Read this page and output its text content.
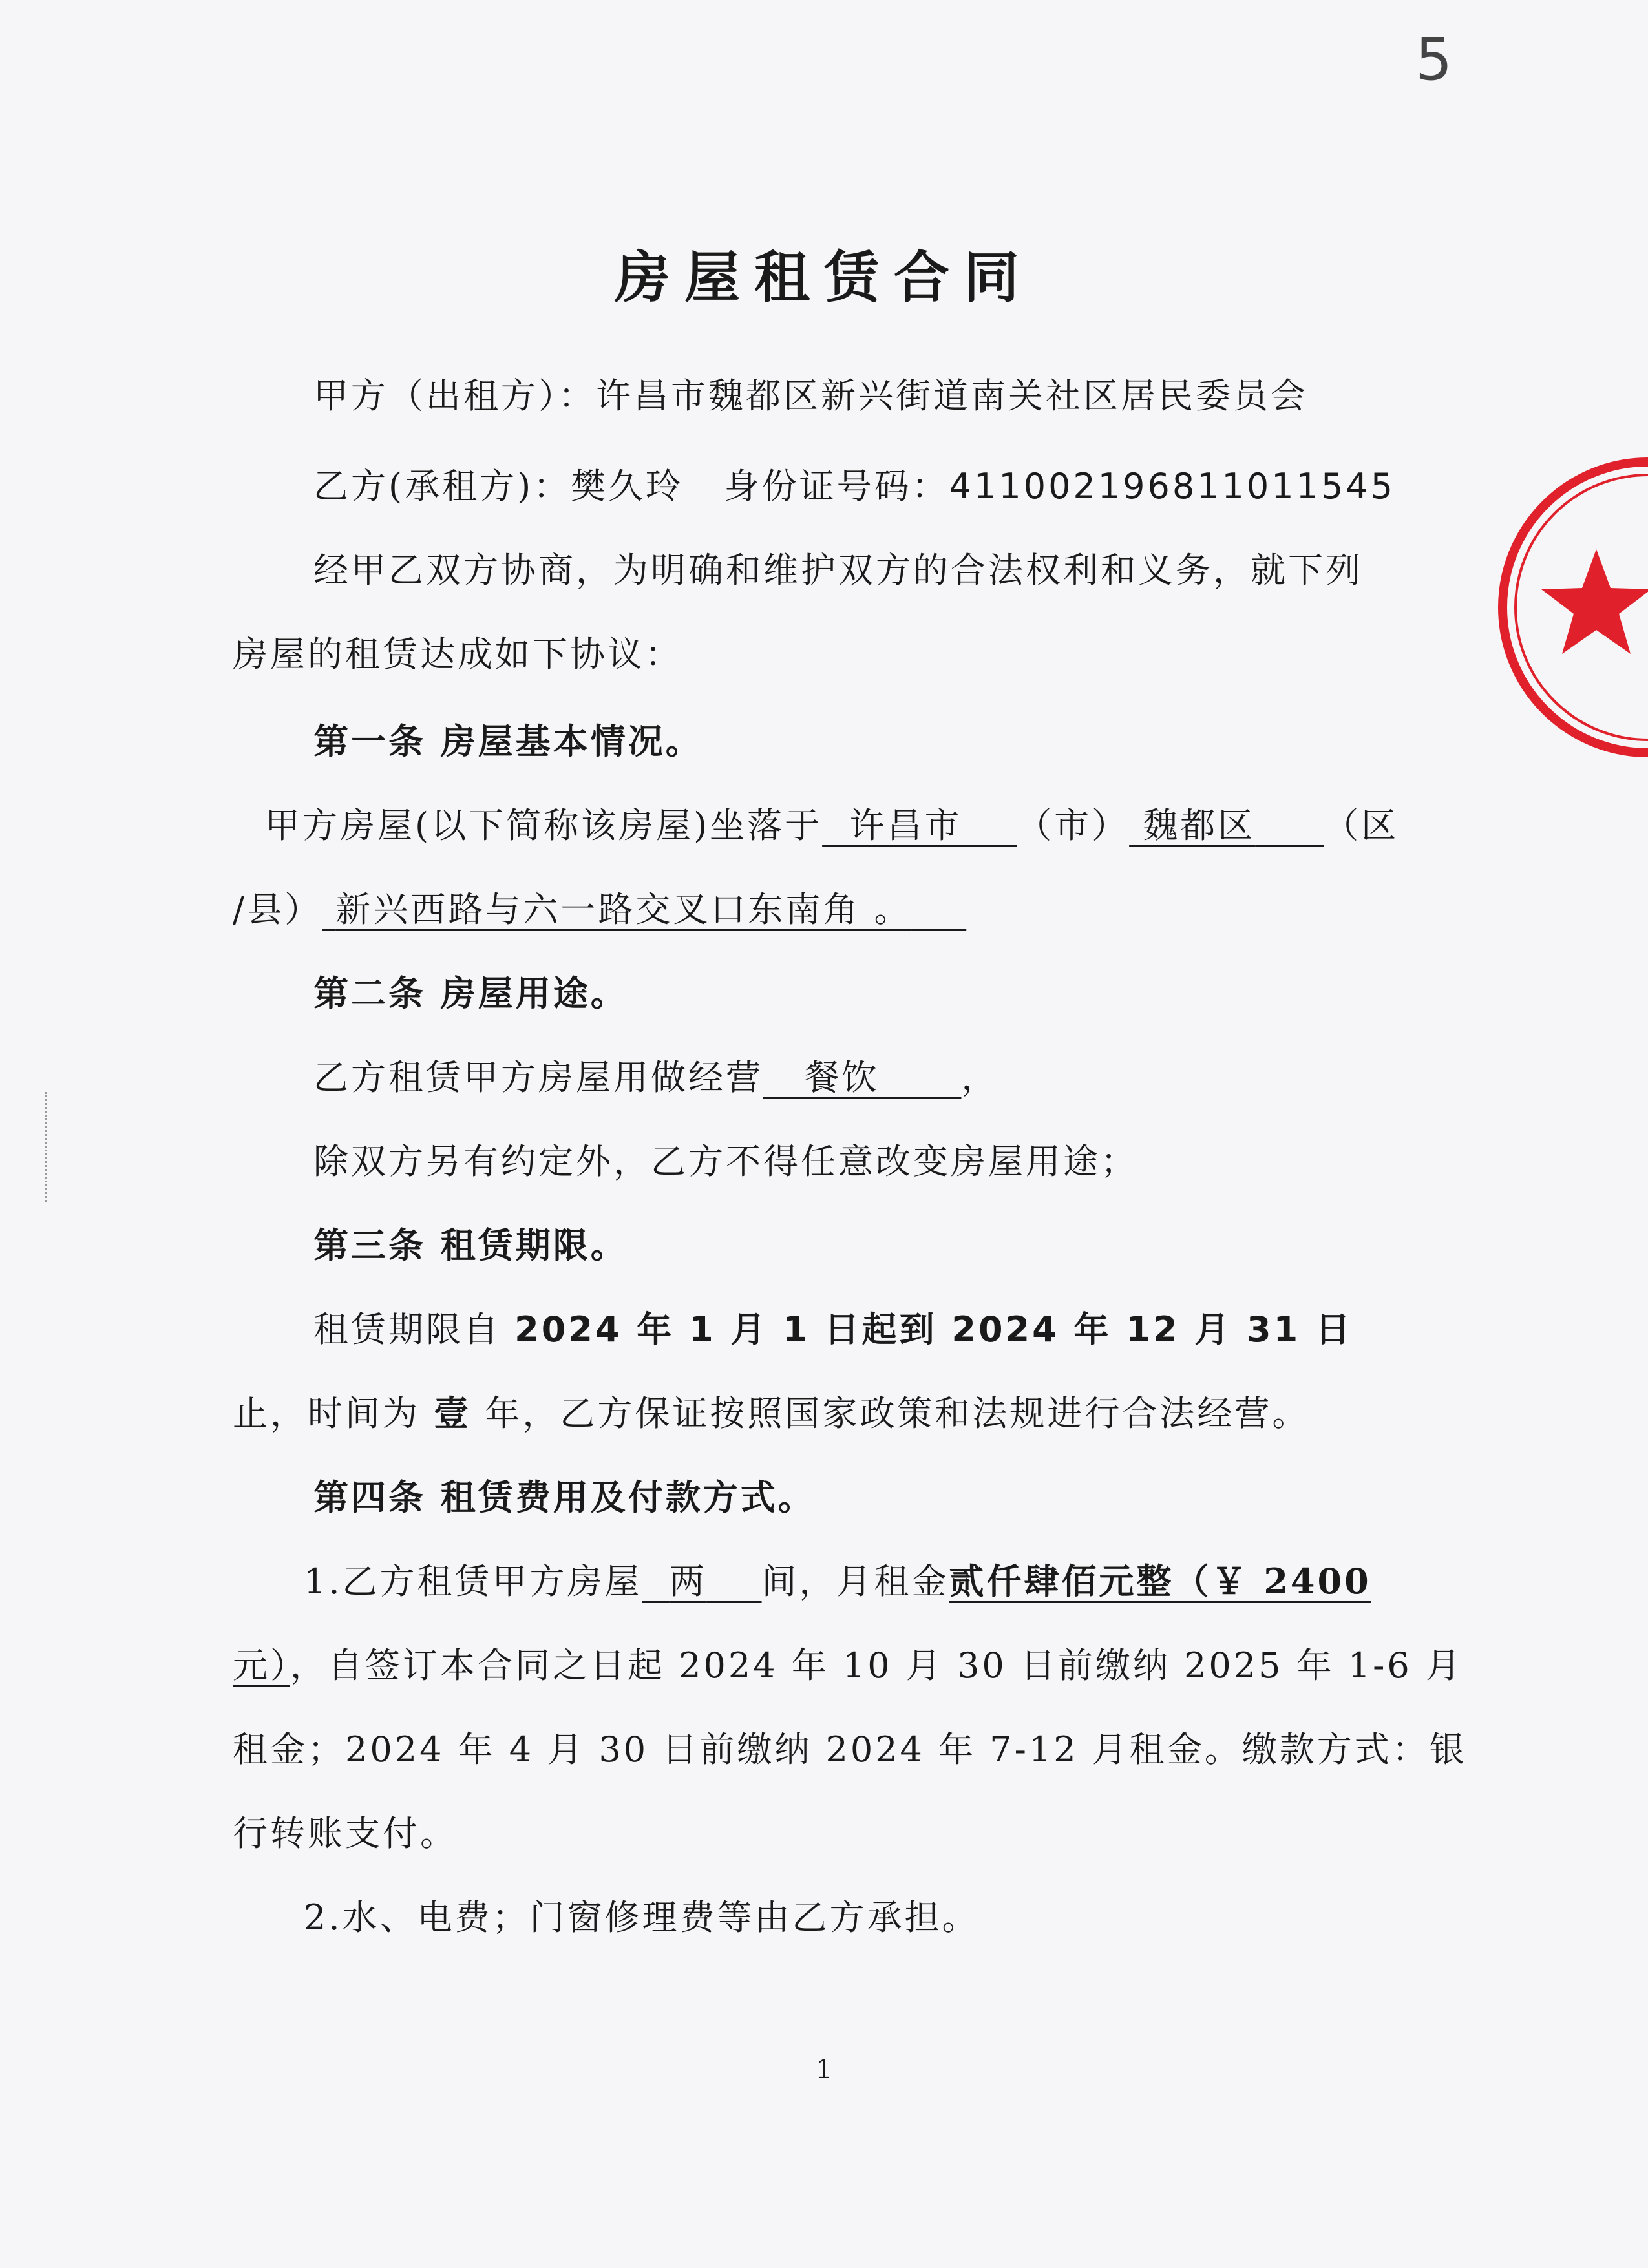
5
房屋租赁合同
甲方（出租方）：许昌市魏都区新兴街道南关社区居民委员会
乙方(承租方)：樊久玲 身份证号码：411002196811011545
经甲乙双方协商，为明确和维护双方的合法权利和义务，就下列
房屋的租赁达成如下协议：
第一条 房屋基本情况。
甲方房屋(以下简称该房屋)坐落于 许昌市 （市） 魏都区 （区
/县） 新兴西路与六一路交叉口东南角 。
第二条 房屋用途。
乙方租赁甲方房屋用做经营 餐饮 ，
除双方另有约定外，乙方不得任意改变房屋用途；
第三条 租赁期限。
租赁期限自 2024 年 1 月 1 日起到 2024 年 12 月 31 日
止，时间为 壹 年，乙方保证按照国家政策和法规进行合法经营。
第四条 租赁费用及付款方式。
1.乙方租赁甲方房屋 两 间，月租金贰仟肆佰元整（￥ 2400
元），自签订本合同之日起 2024 年 10 月 30 日前缴纳 2025 年 1-6 月
租金；2024 年 4 月 30 日前缴纳 2024 年 7-12 月租金。缴款方式：银
行转账支付。
2.水、电费；门窗修理费等由乙方承担。
1
